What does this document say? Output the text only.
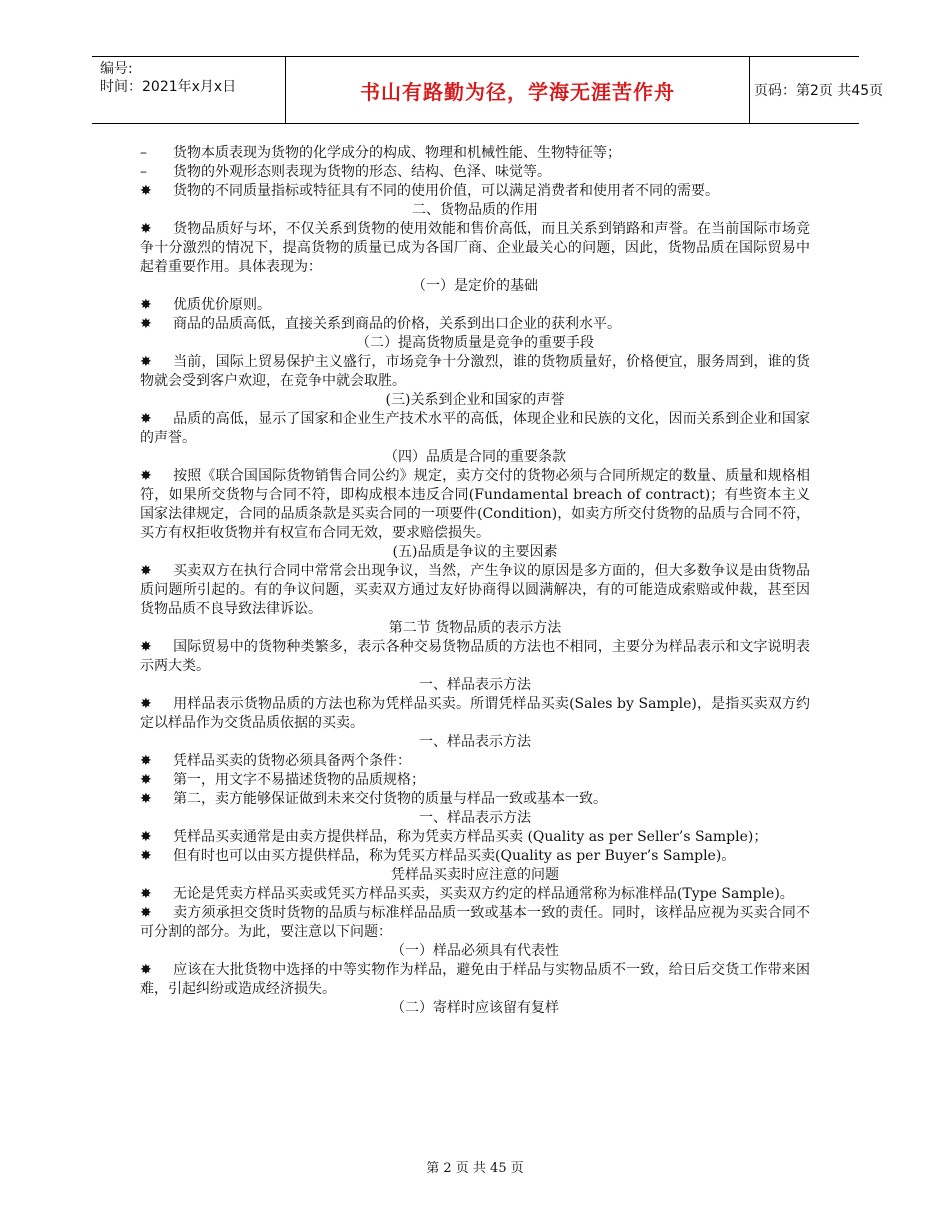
编号:
时间：2021年x月x日	书山有路勤为径，学海无涯苦作舟	页码：第2页 共45页

– 货物本质表现为货物的化学成分的构成、物理和机械性能、生物特征等；

– 货物的外观形态则表现为货物的形态、结构、色泽、味觉等。

✸ 货物的不同质量指标或特征具有不同的使用价值，可以满足消费者和使用者不同的需要。

二、货物品质的作用

✸ 货物品质好与坏，不仅关系到货物的使用效能和售价高低，而且关系到销路和声誉。在当前国际市场竞争十分激烈的情况下，提高货物的质量已成为各国厂商、企业最关心的问题，因此，货物品质在国际贸易中起着重要作用。具体表现为：

（一）是定价的基础

✸ 优质优价原则。

✸ 商品的品质高低，直接关系到商品的价格，关系到出口企业的获利水平。

（二）提高货物质量是竞争的重要手段

✸ 当前，国际上贸易保护主义盛行，市场竞争十分激烈，谁的货物质量好，价格便宜，服务周到，谁的货物就会受到客户欢迎，在竞争中就会取胜。

(三)关系到企业和国家的声誉

✸ 品质的高低，显示了国家和企业生产技术水平的高低，体现企业和民族的文化，因而关系到企业和国家的声誉。

（四）品质是合同的重要条款

✸ 按照《联合国国际货物销售合同公约》规定，卖方交付的货物必须与合同所规定的数量、质量和规格相符，如果所交货物与合同不符，即构成根本违反合同(Fundamental breach of contract)；有些资本主义国家法律规定，合同的品质条款是买卖合同的一项要件(Condition)，如卖方所交付货物的品质与合同不符，买方有权拒收货物并有权宣布合同无效，要求赔偿损失。

(五)品质是争议的主要因素

✸ 买卖双方在执行合同中常常会出现争议，当然，产生争议的原因是多方面的，但大多数争议是由货物品质问题所引起的。有的争议问题，买卖双方通过友好协商得以圆满解决，有的可能造成索赔或仲裁，甚至因货物品质不良导致法律诉讼。

第二节 货物品质的表示方法

✸ 国际贸易中的货物种类繁多，表示各种交易货物品质的方法也不相同，主要分为样品表示和文字说明表示两大类。

一、样品表示方法

✸ 用样品表示货物品质的方法也称为凭样品买卖。所谓凭样品买卖(Sales by Sample)，是指买卖双方约定以样品作为交货品质依据的买卖。

一、样品表示方法

✸ 凭样品买卖的货物必须具备两个条件：

✸ 第一，用文字不易描述货物的品质规格；

✸ 第二，卖方能够保证做到未来交付货物的质量与样品一致或基本一致。

一、样品表示方法

✸ 凭样品买卖通常是由卖方提供样品，称为凭卖方样品买卖 (Quality as per Seller’s Sample)；

✸ 但有时也可以由买方提供样品，称为凭买方样品买卖(Quality as per Buyer’s Sample)。

凭样品买卖时应注意的问题

✸ 无论是凭卖方样品买卖或凭买方样品买卖，买卖双方约定的样品通常称为标准样品(Type Sample)。

✸ 卖方须承担交货时货物的品质与标准样品品质一致或基本一致的责任。同时，该样品应视为买卖合同不可分割的部分。为此，要注意以下问题：

（一）样品必须具有代表性

✸ 应该在大批货物中选择的中等实物作为样品，避免由于样品与实物品质不一致，给日后交货工作带来困难，引起纠纷或造成经济损失。

（二）寄样时应该留有复样

第 2 页 共 45 页
